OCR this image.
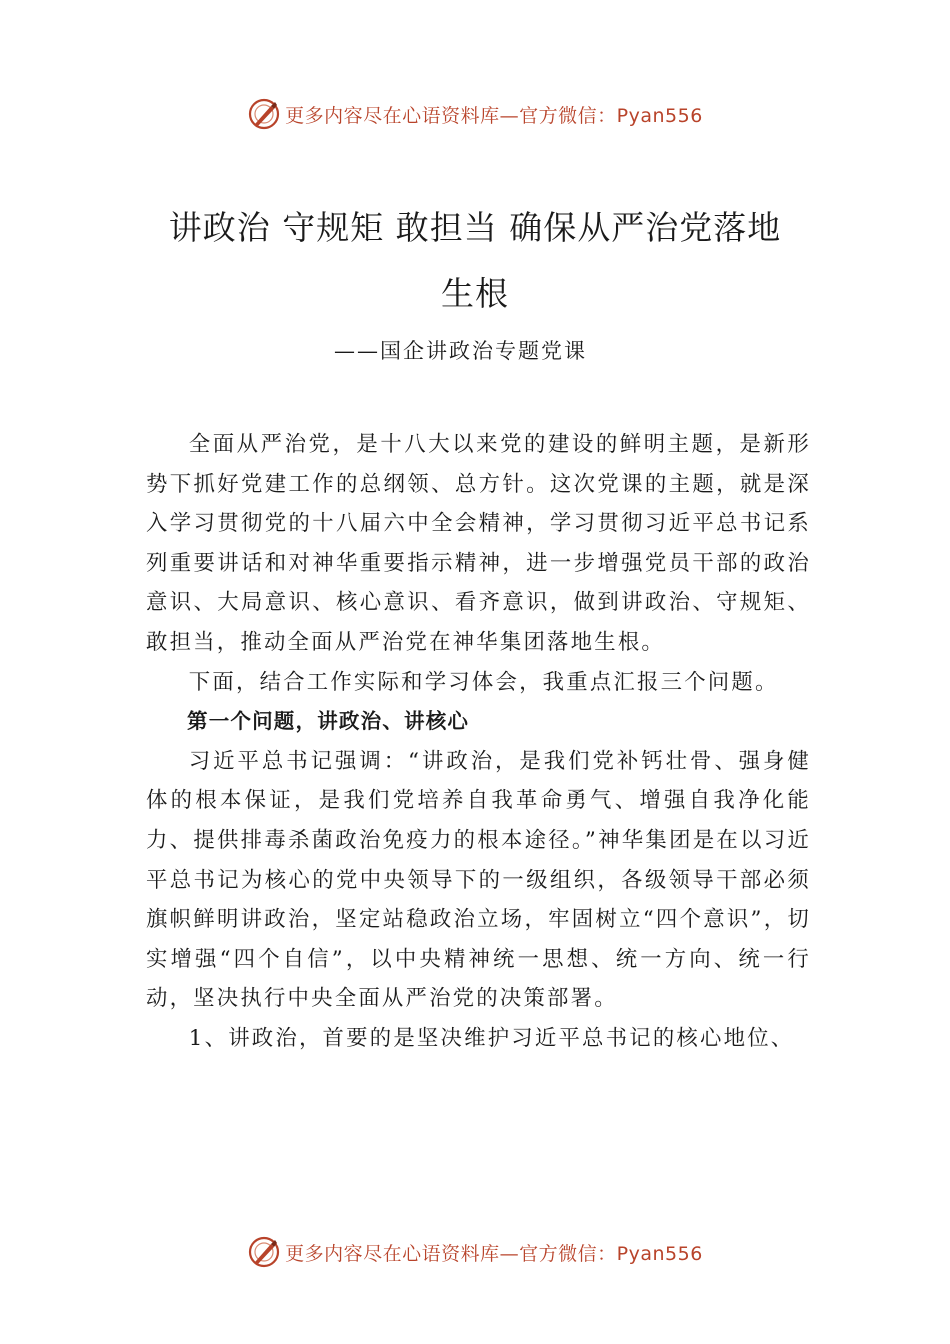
更多内容尽在心语资料库—官方微信：Pyan556
讲政治 守规矩 敢担当 确保从严治党落地
生根
——国企讲政治专题党课

全面从严治党，是十八大以来党的建设的鲜明主题，是新形势下抓好党建工作的总纲领、总方针。这次党课的主题，就是深入学习贯彻党的十八届六中全会精神，学习贯彻习近平总书记系列重要讲话和对神华重要指示精神，进一步增强党员干部的政治意识、大局意识、核心意识、看齐意识，做到讲政治、守规矩、敢担当，推动全面从严治党在神华集团落地生根。

下面，结合工作实际和学习体会，我重点汇报三个问题。

第一个问题，讲政治、讲核心

习近平总书记强调：“讲政治，是我们党补钙壮骨、强身健体的根本保证，是我们党培养自我革命勇气、增强自我净化能力、提供排毒杀菌政治免疫力的根本途径。”神华集团是在以习近平总书记为核心的党中央领导下的一级组织，各级领导干部必须旗帜鲜明讲政治，坚定站稳政治立场，牢固树立“四个意识”，切实增强“四个自信”，以中央精神统一思想、统一方向、统一行动，坚决执行中央全面从严治党的决策部署。

1、讲政治，首要的是坚决维护习近平总书记的核心地位、

更多内容尽在心语资料库—官方微信：Pyan556
